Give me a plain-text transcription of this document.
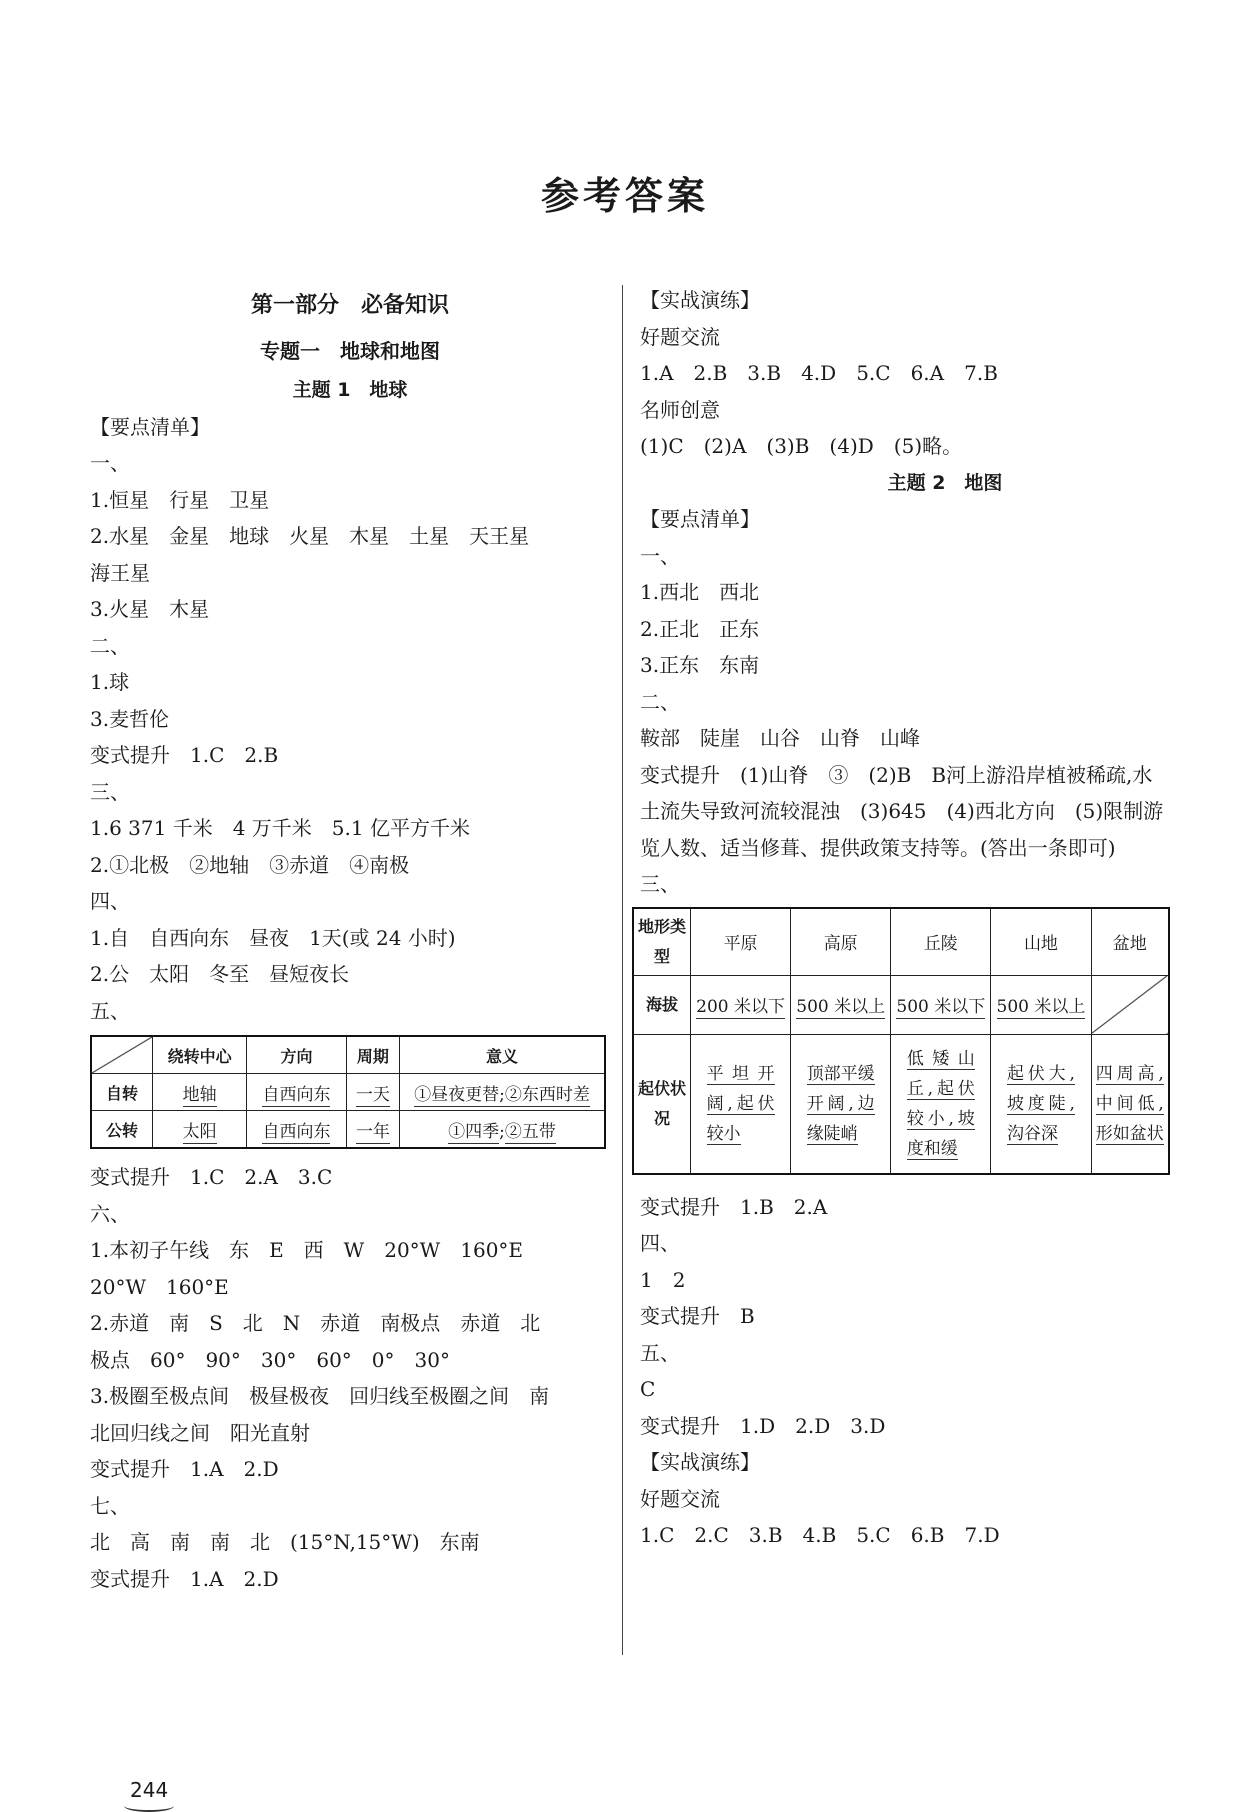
参考答案
第一部分　必备知识
专题一　地球和地图
主题 1　地球
【要点清单】
一、
1.恒星　行星　卫星
2.水星　金星　地球　火星　木星　土星　天王星
海王星
3.火星　木星
二、
1.球
3.麦哲伦
变式提升　1.C　2.B
三、
1.6 371 千米　4 万千米　5.1 亿平方千米
2.①北极　②地轴　③赤道　④南极
四、
1.自　自西向东　昼夜　1天(或 24 小时)
2.公　太阳　冬至　昼短夜长
五、
	绕转中心	方向	周期	意义
自转	地轴	自西向东	一天	①昼夜更替;②东西时差
公转	太阳	自西向东	一年	①四季;②五带
变式提升　1.C　2.A　3.C
六、
1.本初子午线　东　E　西　W　20°W　160°E
20°W　160°E
2.赤道　南　S　北　N　赤道　南极点　赤道　北
极点　60°　90°　30°　60°　0°　30°
3.极圈至极点间　极昼极夜　回归线至极圈之间　南
北回归线之间　阳光直射
变式提升　1.A　2.D
七、
北　高　南　南　北　(15°N,15°W)　东南
变式提升　1.A　2.D
【实战演练】
好题交流
1.A　2.B　3.B　4.D　5.C　6.A　7.B
名师创意
(1)C　(2)A　(3)B　(4)D　(5)略。
主题 2　地图
【要点清单】
一、
1.西北　西北
2.正北　正东
3.正东　东南
二、
鞍部　陡崖　山谷　山脊　山峰
变式提升　(1)山脊　③　(2)B　B河上游沿岸植被稀疏,水土流失导致河流较混浊　(3)645　(4)西北方向　(5)限制游览人数、适当修葺、提供政策支持等。(答出一条即可)
三、
地形类型	平原	高原	丘陵	山地	盆地
海拔	200 米以下	500 米以上	500 米以下	500 米以上	
起伏状况	平坦开阔,起伏较小	顶部平缓开阔,边缘陡峭	低矮山丘,起伏较小,坡度和缓	起伏大,坡度陡,沟谷深	四周高,中间低,形如盆状
变式提升　1.B　2.A
四、
1　2
变式提升　B
五、
C
变式提升　1.D　2.D　3.D
【实战演练】
好题交流
1.C　2.C　3.B　4.B　5.C　6.B　7.D
244
